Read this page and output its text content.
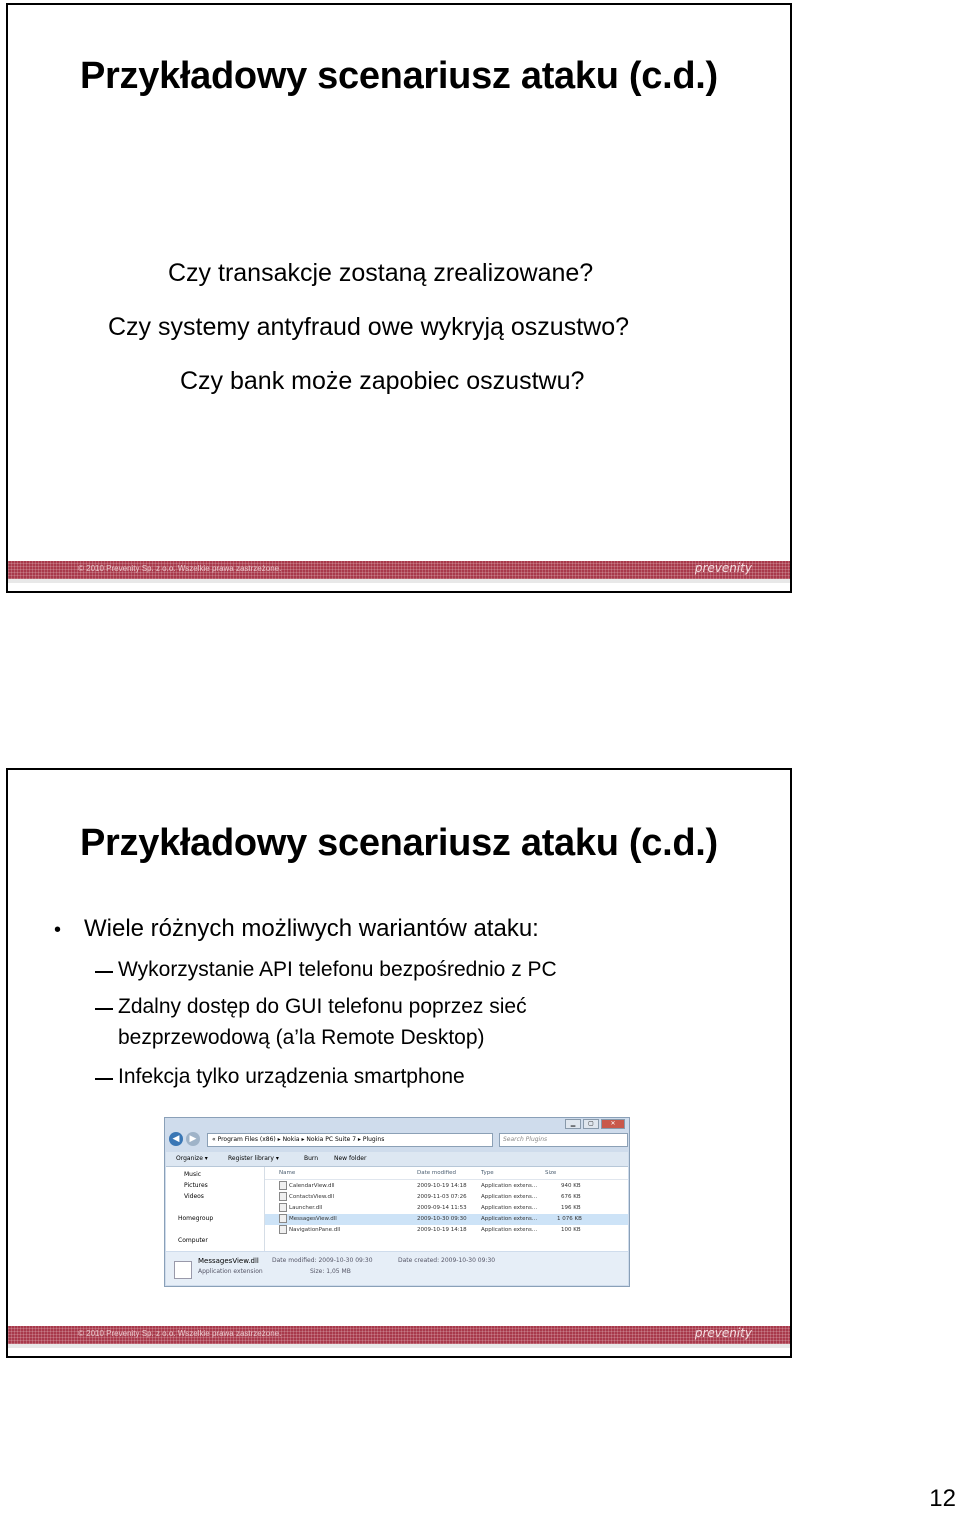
Przykładowy scenariusz ataku (c.d.)
Czy transakcje zostaną zrealizowane?
Czy systemy antyfraud owe wykryją oszustwo?
Czy bank może zapobiec oszustwu?
© 2010 Prevenity Sp. z o.o. Wszelkie prawa zastrzeżone.	prevenity
Przykładowy scenariusz ataku (c.d.)
• Wiele różnych możliwych wariantów ataku:
Wykorzystanie API telefonu bezpośrednio z PC
Zdalny dostęp do GUI telefonu poprzez sieć
bezprzewodową (a’la Remote Desktop)
Infekcja tylko urządzenia smartphone
▁	▢	✕
◀	▶	« Program Files (x86) ▸ Nokia ▸ Nokia PC Suite 7 ▸ Plugins	Search Plugins
Organize ▾	Register library ▾	Burn	New folder
Music
Pictures
Videos
Homegroup
Computer
Name	Date modified	Type	Size
CalendarView.dll	2009-10-19 14:18	Application extens...	940 KB
ContactsView.dll	2009-11-03 07:26	Application extens...	676 KB
Launcher.dll	2009-09-14 11:53	Application extens...	196 KB
MessagesView.dll	2009-10-30 09:30	Application extens...	1 076 KB
NavigationPane.dll	2009-10-19 14:18	Application extens...	100 KB
MessagesView.dll
Application extension
Date modified: 2009-10-30 09:30	Date created: 2009-10-30 09:30
Size: 1,05 MB
© 2010 Prevenity Sp. z o.o. Wszelkie prawa zastrzeżone.	prevenity
12
